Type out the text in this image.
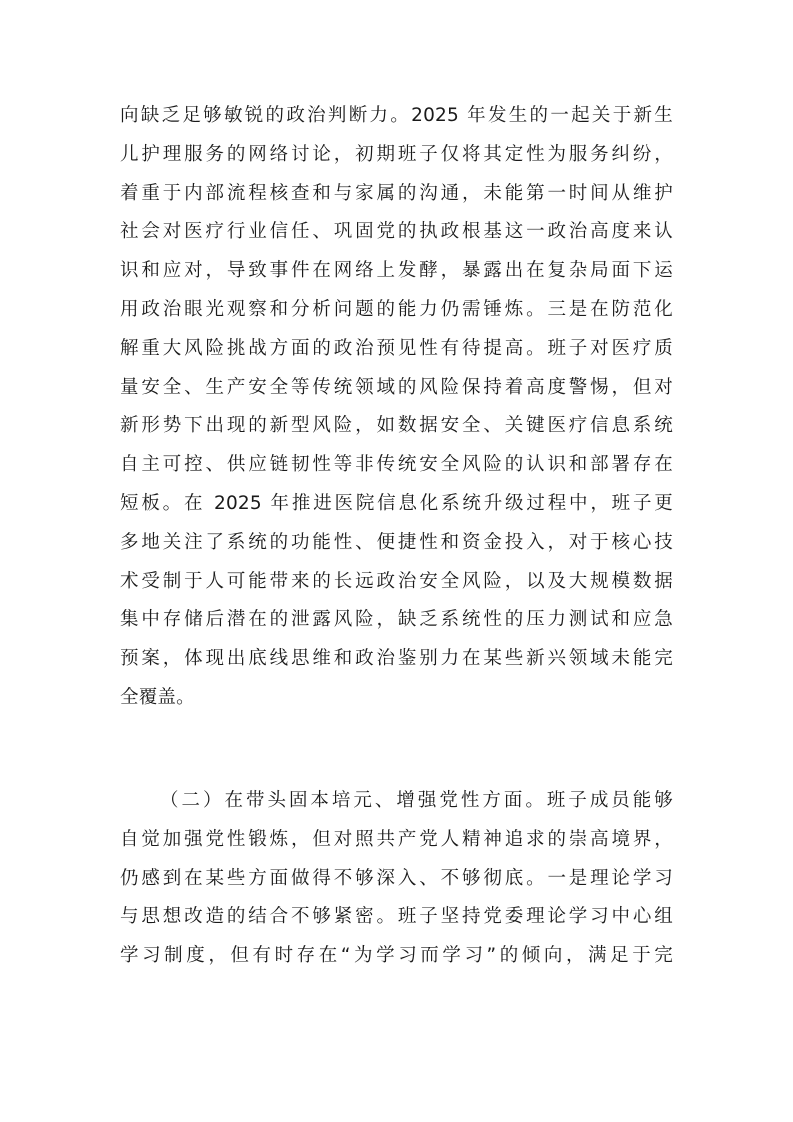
向缺乏足够敏锐的政治判断力。2025 年发生的一起关于新生
儿护理服务的网络讨论，初期班子仅将其定性为服务纠纷，
着重于内部流程核查和与家属的沟通，未能第一时间从维护
社会对医疗行业信任、巩固党的执政根基这一政治高度来认
识和应对，导致事件在网络上发酵，暴露出在复杂局面下运
用政治眼光观察和分析问题的能力仍需锤炼。三是在防范化
解重大风险挑战方面的政治预见性有待提高。班子对医疗质
量安全、生产安全等传统领域的风险保持着高度警惕，但对
新形势下出现的新型风险，如数据安全、关键医疗信息系统
自主可控、供应链韧性等非传统安全风险的认识和部署存在
短板。在 2025 年推进医院信息化系统升级过程中，班子更
多地关注了系统的功能性、便捷性和资金投入，对于核心技
术受制于人可能带来的长远政治安全风险，以及大规模数据
集中存储后潜在的泄露风险，缺乏系统性的压力测试和应急
预案，体现出底线思维和政治鉴别力在某些新兴领域未能完
全覆盖。
（二）在带头固本培元、增强党性方面。班子成员能够
自觉加强党性锻炼，但对照共产党人精神追求的崇高境界，
仍感到在某些方面做得不够深入、不够彻底。一是理论学习
与思想改造的结合不够紧密。班子坚持党委理论学习中心组
学习制度，但有时存在“为学习而学习”的倾向，满足于完
